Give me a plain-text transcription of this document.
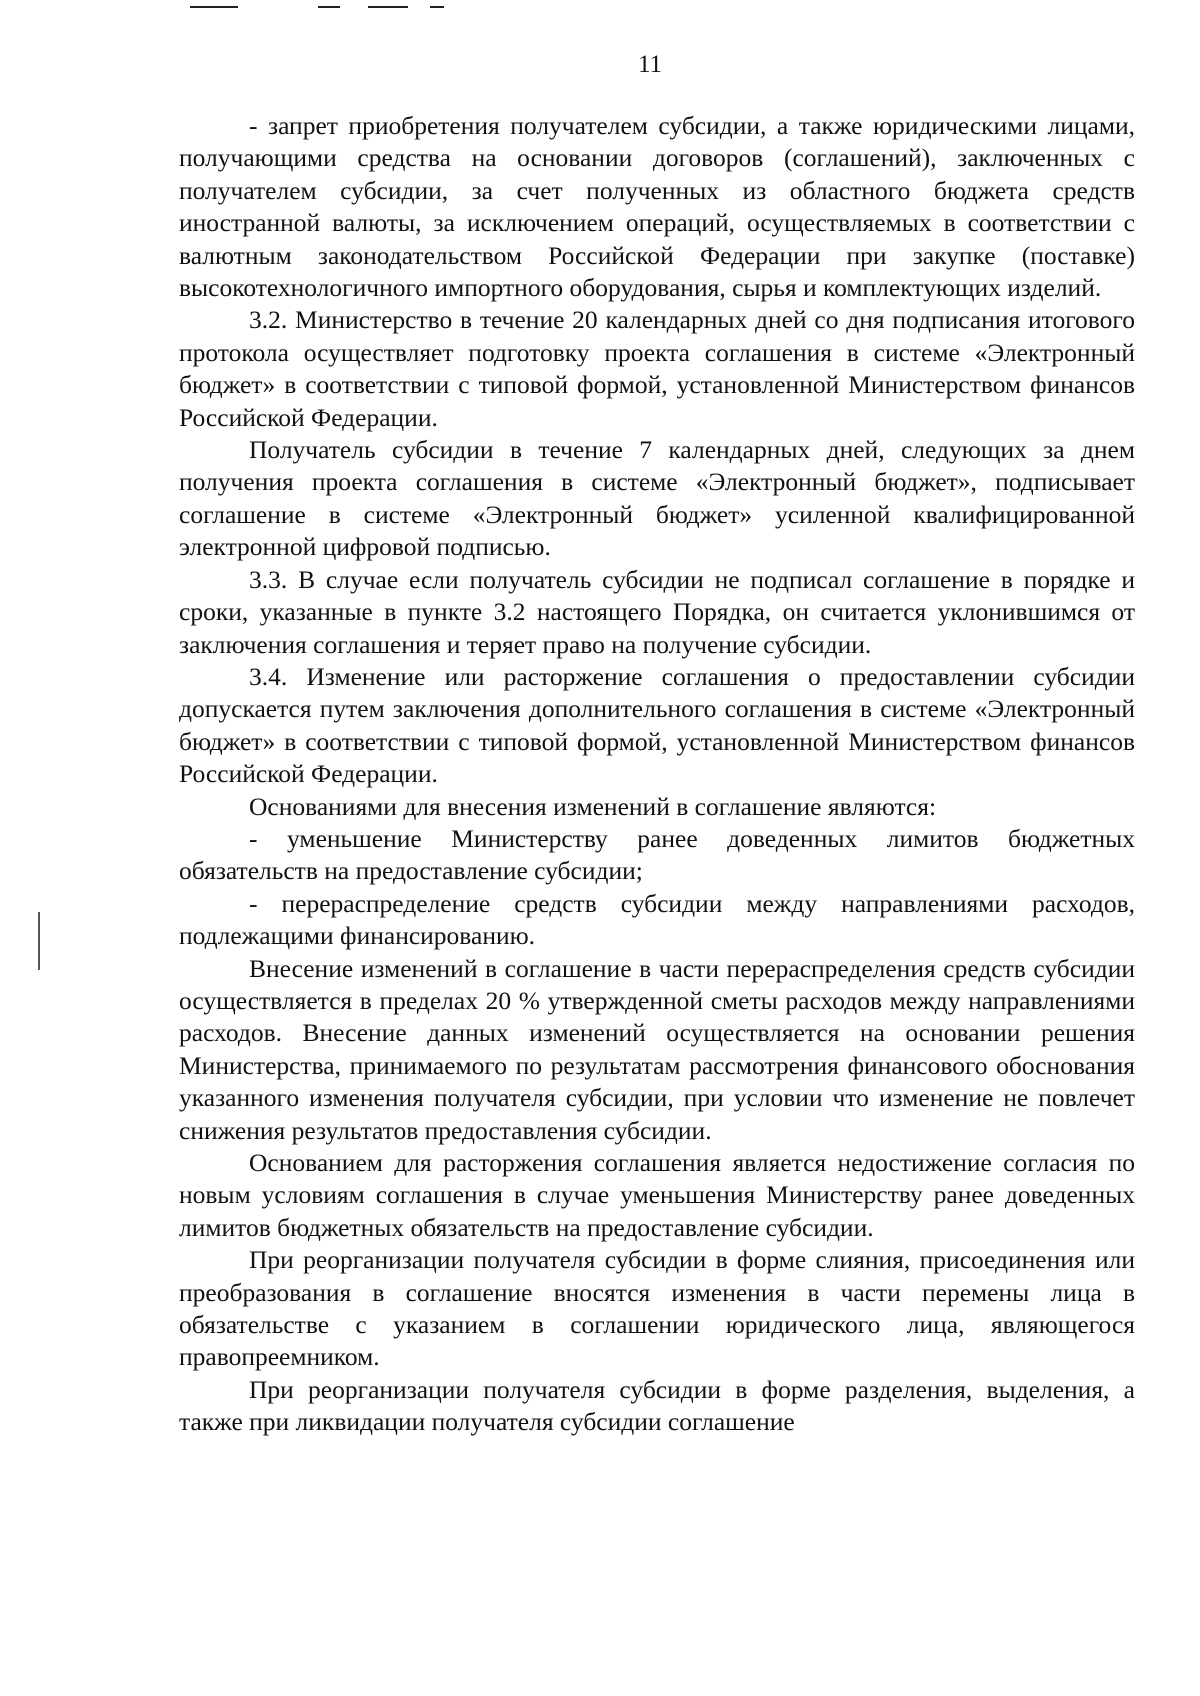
11

- запрет приобретения получателем субсидии, а также юридическими лицами, получающими средства на основании договоров (соглашений), заключенных с получателем субсидии, за счет полученных из областного бюджета средств иностранной валюты, за исключением операций, осуществляемых в соответствии с валютным законодательством Российской Федерации при закупке (поставке) высокотехнологичного импортного оборудования, сырья и комплектующих изделий.

3.2. Министерство в течение 20 календарных дней со дня подписания итогового протокола осуществляет подготовку проекта соглашения в системе «Электронный бюджет» в соответствии с типовой формой, установленной Министерством финансов Российской Федерации.

Получатель субсидии в течение 7 календарных дней, следующих за днем получения проекта соглашения в системе «Электронный бюджет», подписывает соглашение в системе «Электронный бюджет» усиленной квалифицированной электронной цифровой подписью.

3.3. В случае если получатель субсидии не подписал соглашение в порядке и сроки, указанные в пункте 3.2 настоящего Порядка, он считается уклонившимся от заключения соглашения и теряет право на получение субсидии.

3.4. Изменение или расторжение соглашения о предоставлении субсидии допускается путем заключения дополнительного соглашения в системе «Электронный бюджет» в соответствии с типовой формой, установленной Министерством финансов Российской Федерации.

Основаниями для внесения изменений в соглашение являются:

- уменьшение Министерству ранее доведенных лимитов бюджетных обязательств на предоставление субсидии;

- перераспределение средств субсидии между направлениями расходов, подлежащими финансированию.

Внесение изменений в соглашение в части перераспределения средств субсидии осуществляется в пределах 20 % утвержденной сметы расходов между направлениями расходов. Внесение данных изменений осуществляется на основании решения Министерства, принимаемого по результатам рассмотрения финансового обоснования указанного изменения получателя субсидии, при условии что изменение не повлечет снижения результатов предоставления субсидии.

Основанием для расторжения соглашения является недостижение согласия по новым условиям соглашения в случае уменьшения Министерству ранее доведенных лимитов бюджетных обязательств на предоставление субсидии.

При реорганизации получателя субсидии в форме слияния, присоединения или преобразования в соглашение вносятся изменения в части перемены лица в обязательстве с указанием в соглашении юридического лица, являющегося правопреемником.

При реорганизации получателя субсидии в форме разделения, выделения, а также при ликвидации получателя субсидии соглашение
